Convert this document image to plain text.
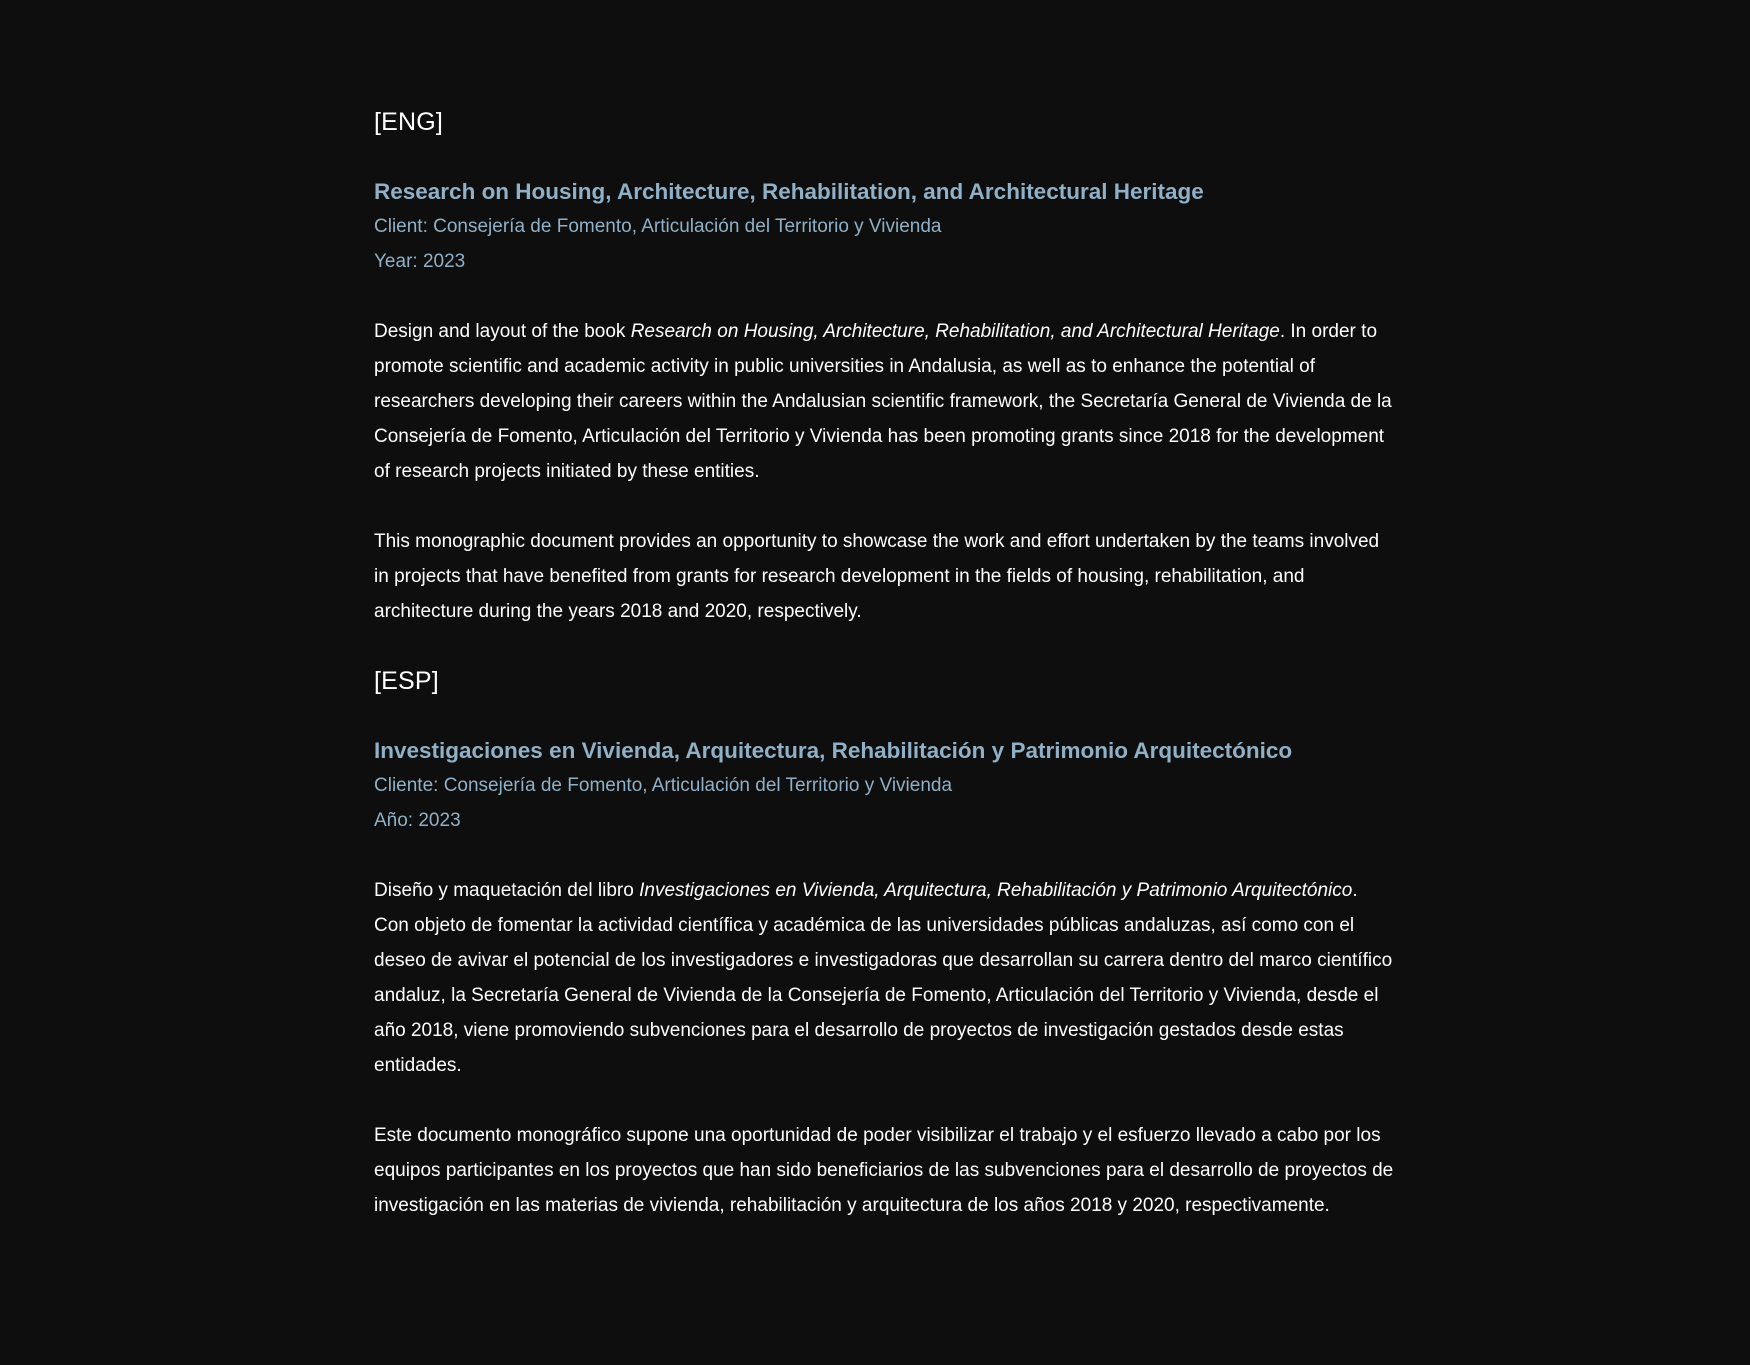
[ENG]

Research on Housing, Architecture, Rehabilitation, and Architectural Heritage

Client: Consejería de Fomento, Articulación del Territorio y Vivienda

Year: 2023

Design and layout of the book Research on Housing, Architecture, Rehabilitation, and Architectural Heritage. In order to promote scientific and academic activity in public universities in Andalusia, as well as to enhance the potential of researchers developing their careers within the Andalusian scientific framework, the Secretaría General de Vivienda de la Consejería de Fomento, Articulación del Territorio y Vivienda has been promoting grants since 2018 for the development of research projects initiated by these entities.

This monographic document provides an opportunity to showcase the work and effort undertaken by the teams involved in projects that have benefited from grants for research development in the fields of housing, rehabilitation, and architecture during the years 2018 and 2020, respectively.

[ESP]

Investigaciones en Vivienda, Arquitectura, Rehabilitación y Patrimonio Arquitectónico

Cliente: Consejería de Fomento, Articulación del Territorio y Vivienda

Año: 2023

Diseño y maquetación del libro Investigaciones en Vivienda, Arquitectura, Rehabilitación y Patrimonio Arquitectónico. Con objeto de fomentar la actividad científica y académica de las universidades públicas andaluzas, así como con el deseo de avivar el potencial de los investigadores e investigadoras que desarrollan su carrera dentro del marco científico andaluz, la Secretaría General de Vivienda de la Consejería de Fomento, Articulación del Territorio y Vivienda, desde el año 2018, viene promoviendo subvenciones para el desarrollo de proyectos de investigación gestados desde estas entidades.

Este documento monográfico supone una oportunidad de poder visibilizar el trabajo y el esfuerzo llevado a cabo por los equipos participantes en los proyectos que han sido beneficiarios de las subvenciones para el desarrollo de proyectos de investigación en las materias de vivienda, rehabilitación y arquitectura de los años 2018 y 2020, respectivamente.
